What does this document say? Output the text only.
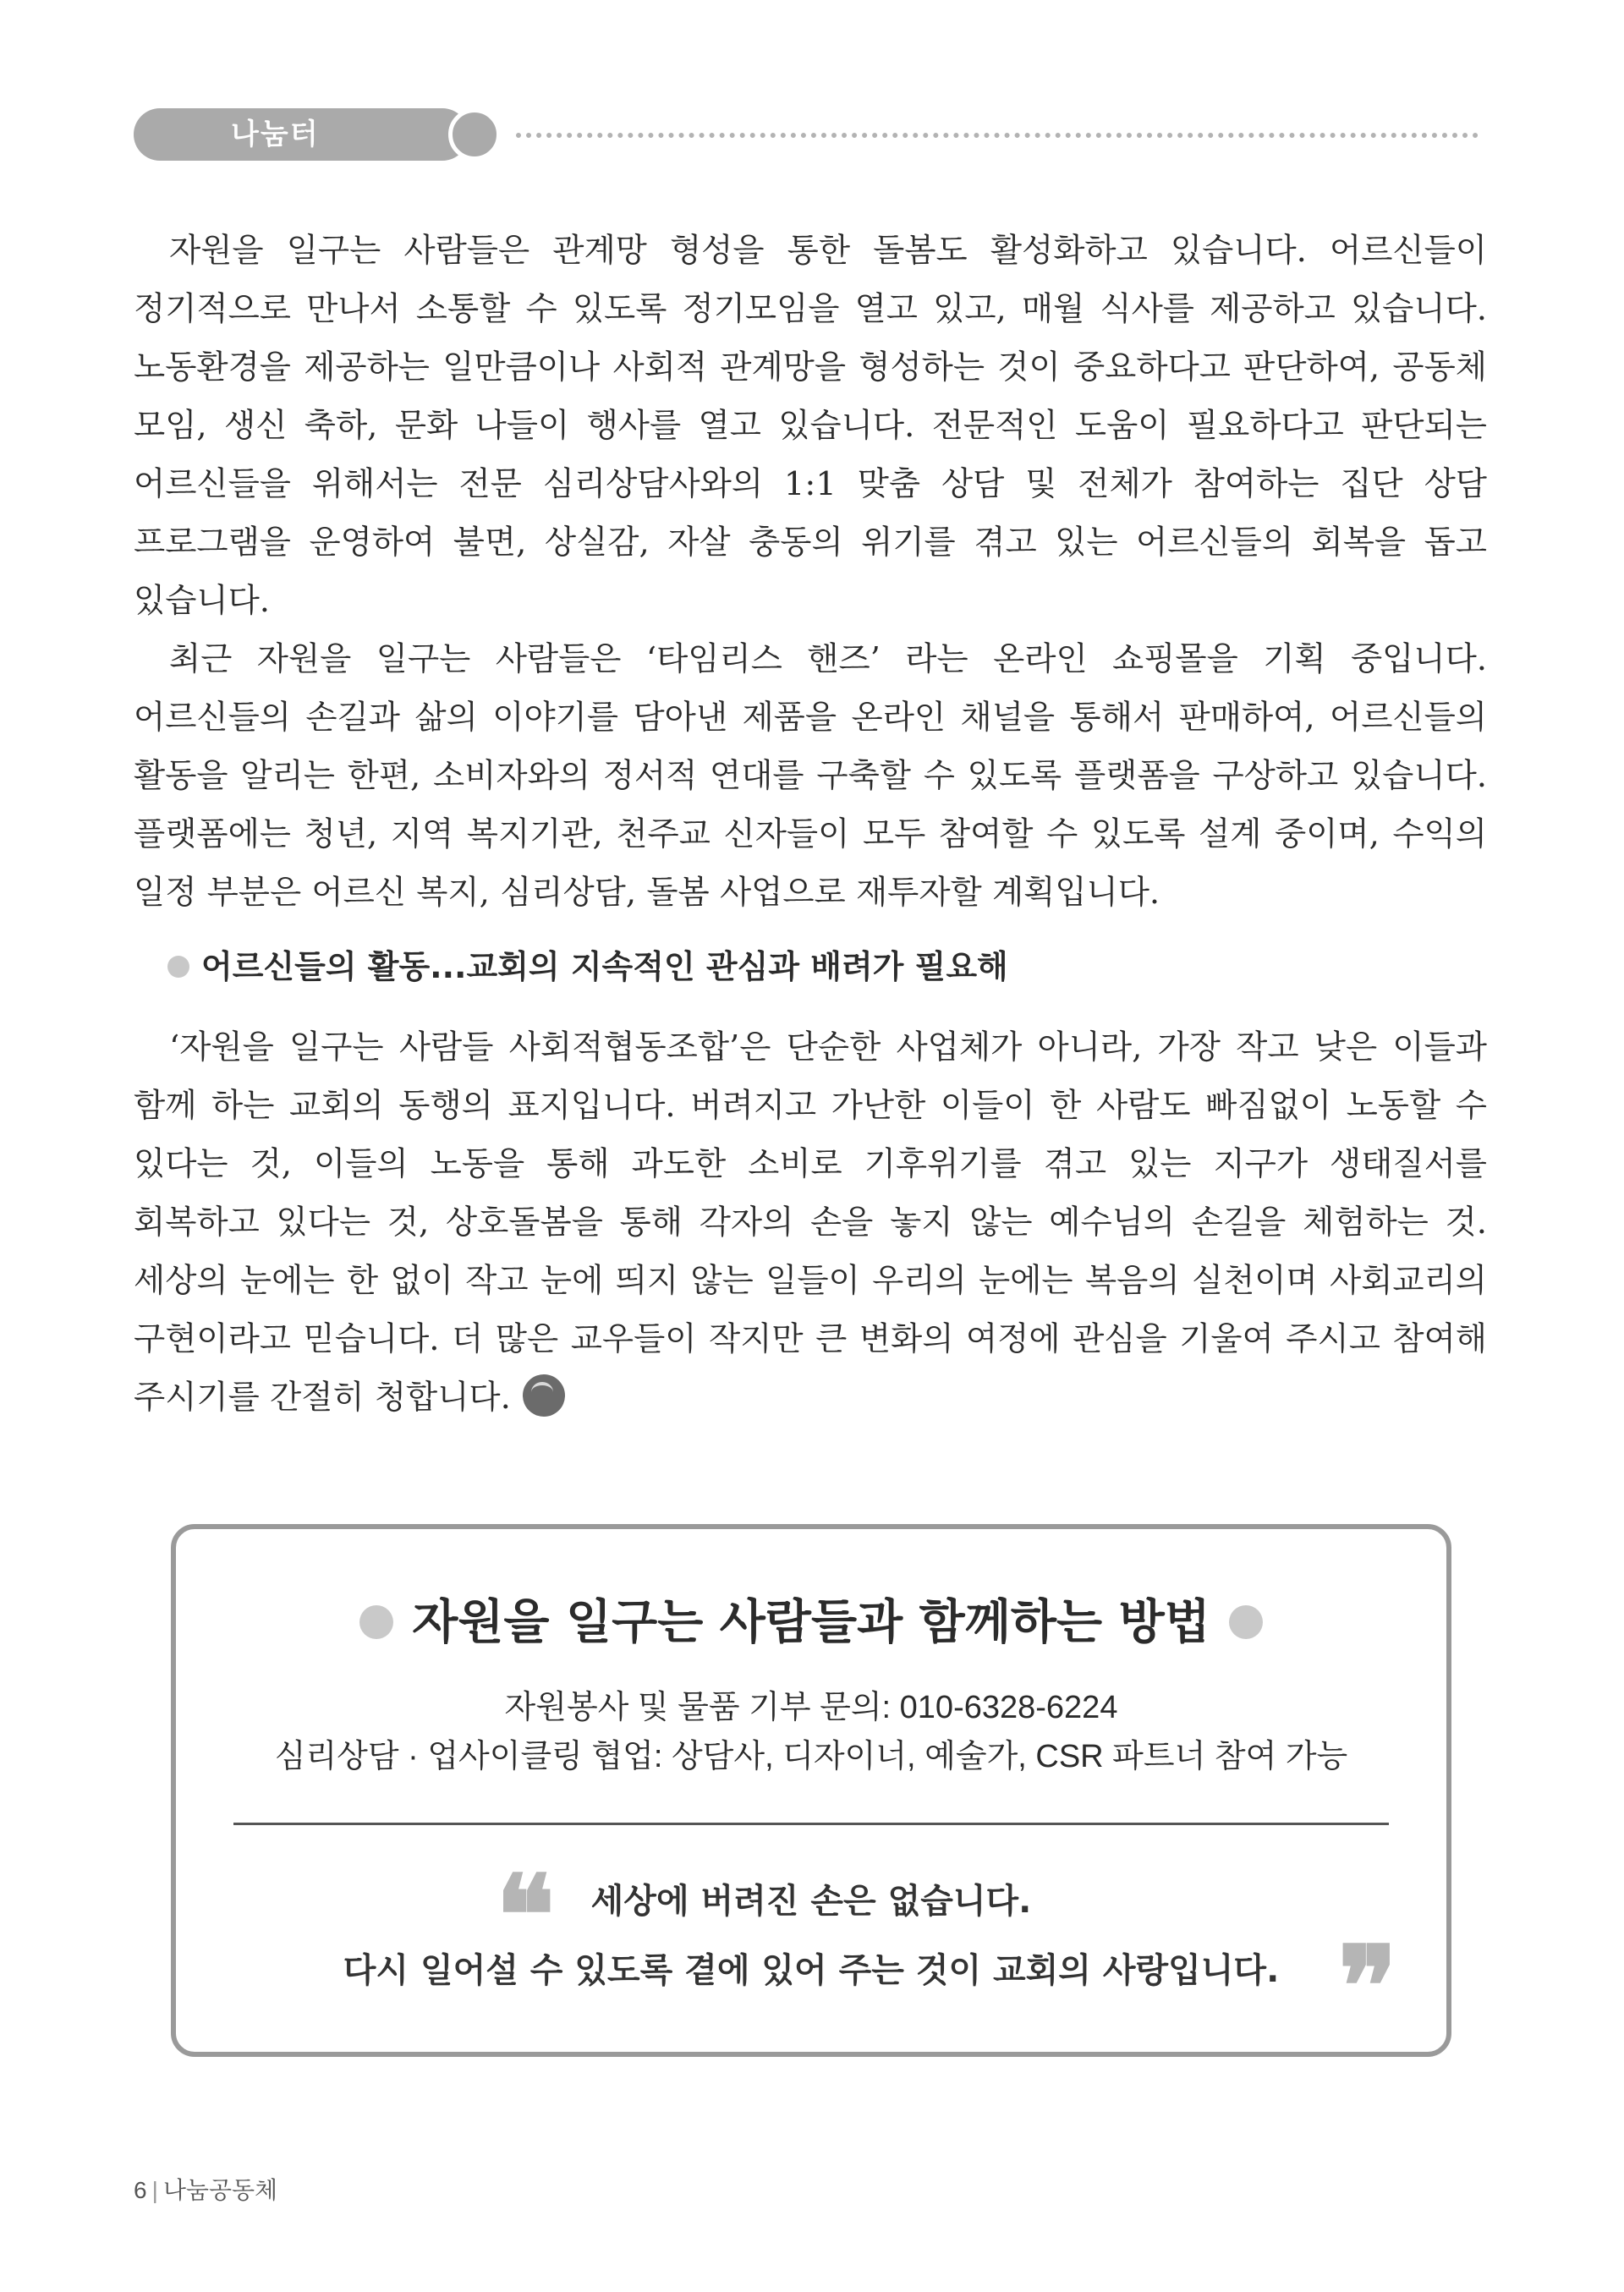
나눔터

자원을 일구는 사람들은 관계망 형성을 통한 돌봄도 활성화하고 있습니다. 어르신들이 정기적으로 만나서 소통할 수 있도록 정기모임을 열고 있고, 매월 식사를 제공하고 있습니다. 노동환경을 제공하는 일만큼이나 사회적 관계망을 형성하는 것이 중요하다고 판단하여, 공동체 모임, 생신 축하, 문화 나들이 행사를 열고 있습니다. 전문적인 도움이 필요하다고 판단되는 어르신들을 위해서는 전문 심리상담사와의 1:1 맞춤 상담 및 전체가 참여하는 집단 상담 프로그램을 운영하여 불면, 상실감, 자살 충동의 위기를 겪고 있는 어르신들의 회복을 돕고 있습니다.

최근 자원을 일구는 사람들은 ‘타임리스 핸즈’ 라는 온라인 쇼핑몰을 기획 중입니다. 어르신들의 손길과 삶의 이야기를 담아낸 제품을 온라인 채널을 통해서 판매하여, 어르신들의 활동을 알리는 한편, 소비자와의 정서적 연대를 구축할 수 있도록 플랫폼을 구상하고 있습니다. 플랫폼에는 청년, 지역 복지기관, 천주교 신자들이 모두 참여할 수 있도록 설계 중이며, 수익의 일정 부분은 어르신 복지, 심리상담, 돌봄 사업으로 재투자할 계획입니다.

어르신들의 활동...교회의 지속적인 관심과 배려가 필요해

‘자원을 일구는 사람들 사회적협동조합’은 단순한 사업체가 아니라, 가장 작고 낮은 이들과 함께 하는 교회의 동행의 표지입니다. 버려지고 가난한 이들이 한 사람도 빠짐없이 노동할 수 있다는 것, 이들의 노동을 통해 과도한 소비로 기후위기를 겪고 있는 지구가 생태질서를 회복하고 있다는 것, 상호돌봄을 통해 각자의 손을 놓지 않는 예수님의 손길을 체험하는 것. 세상의 눈에는 한 없이 작고 눈에 띄지 않는 일들이 우리의 눈에는 복음의 실천이며 사회교리의 구현이라고 믿습니다. 더 많은 교우들이 작지만 큰 변화의 여정에 관심을 기울여 주시고 참여해 주시기를 간절히 청합니다.

자원을 일구는 사람들과 함께하는 방법
자원봉사 및 물품 기부 문의: 010-6328-6224
심리상담 · 업사이클링 협업: 상담사, 디자이너, 예술가, CSR 파트너 참여 가능
❝	세상에 버려진 손은 없습니다.
다시 일어설 수 있도록 곁에 있어 주는 것이 교회의 사랑입니다. ❞
6 | 나눔공동체
